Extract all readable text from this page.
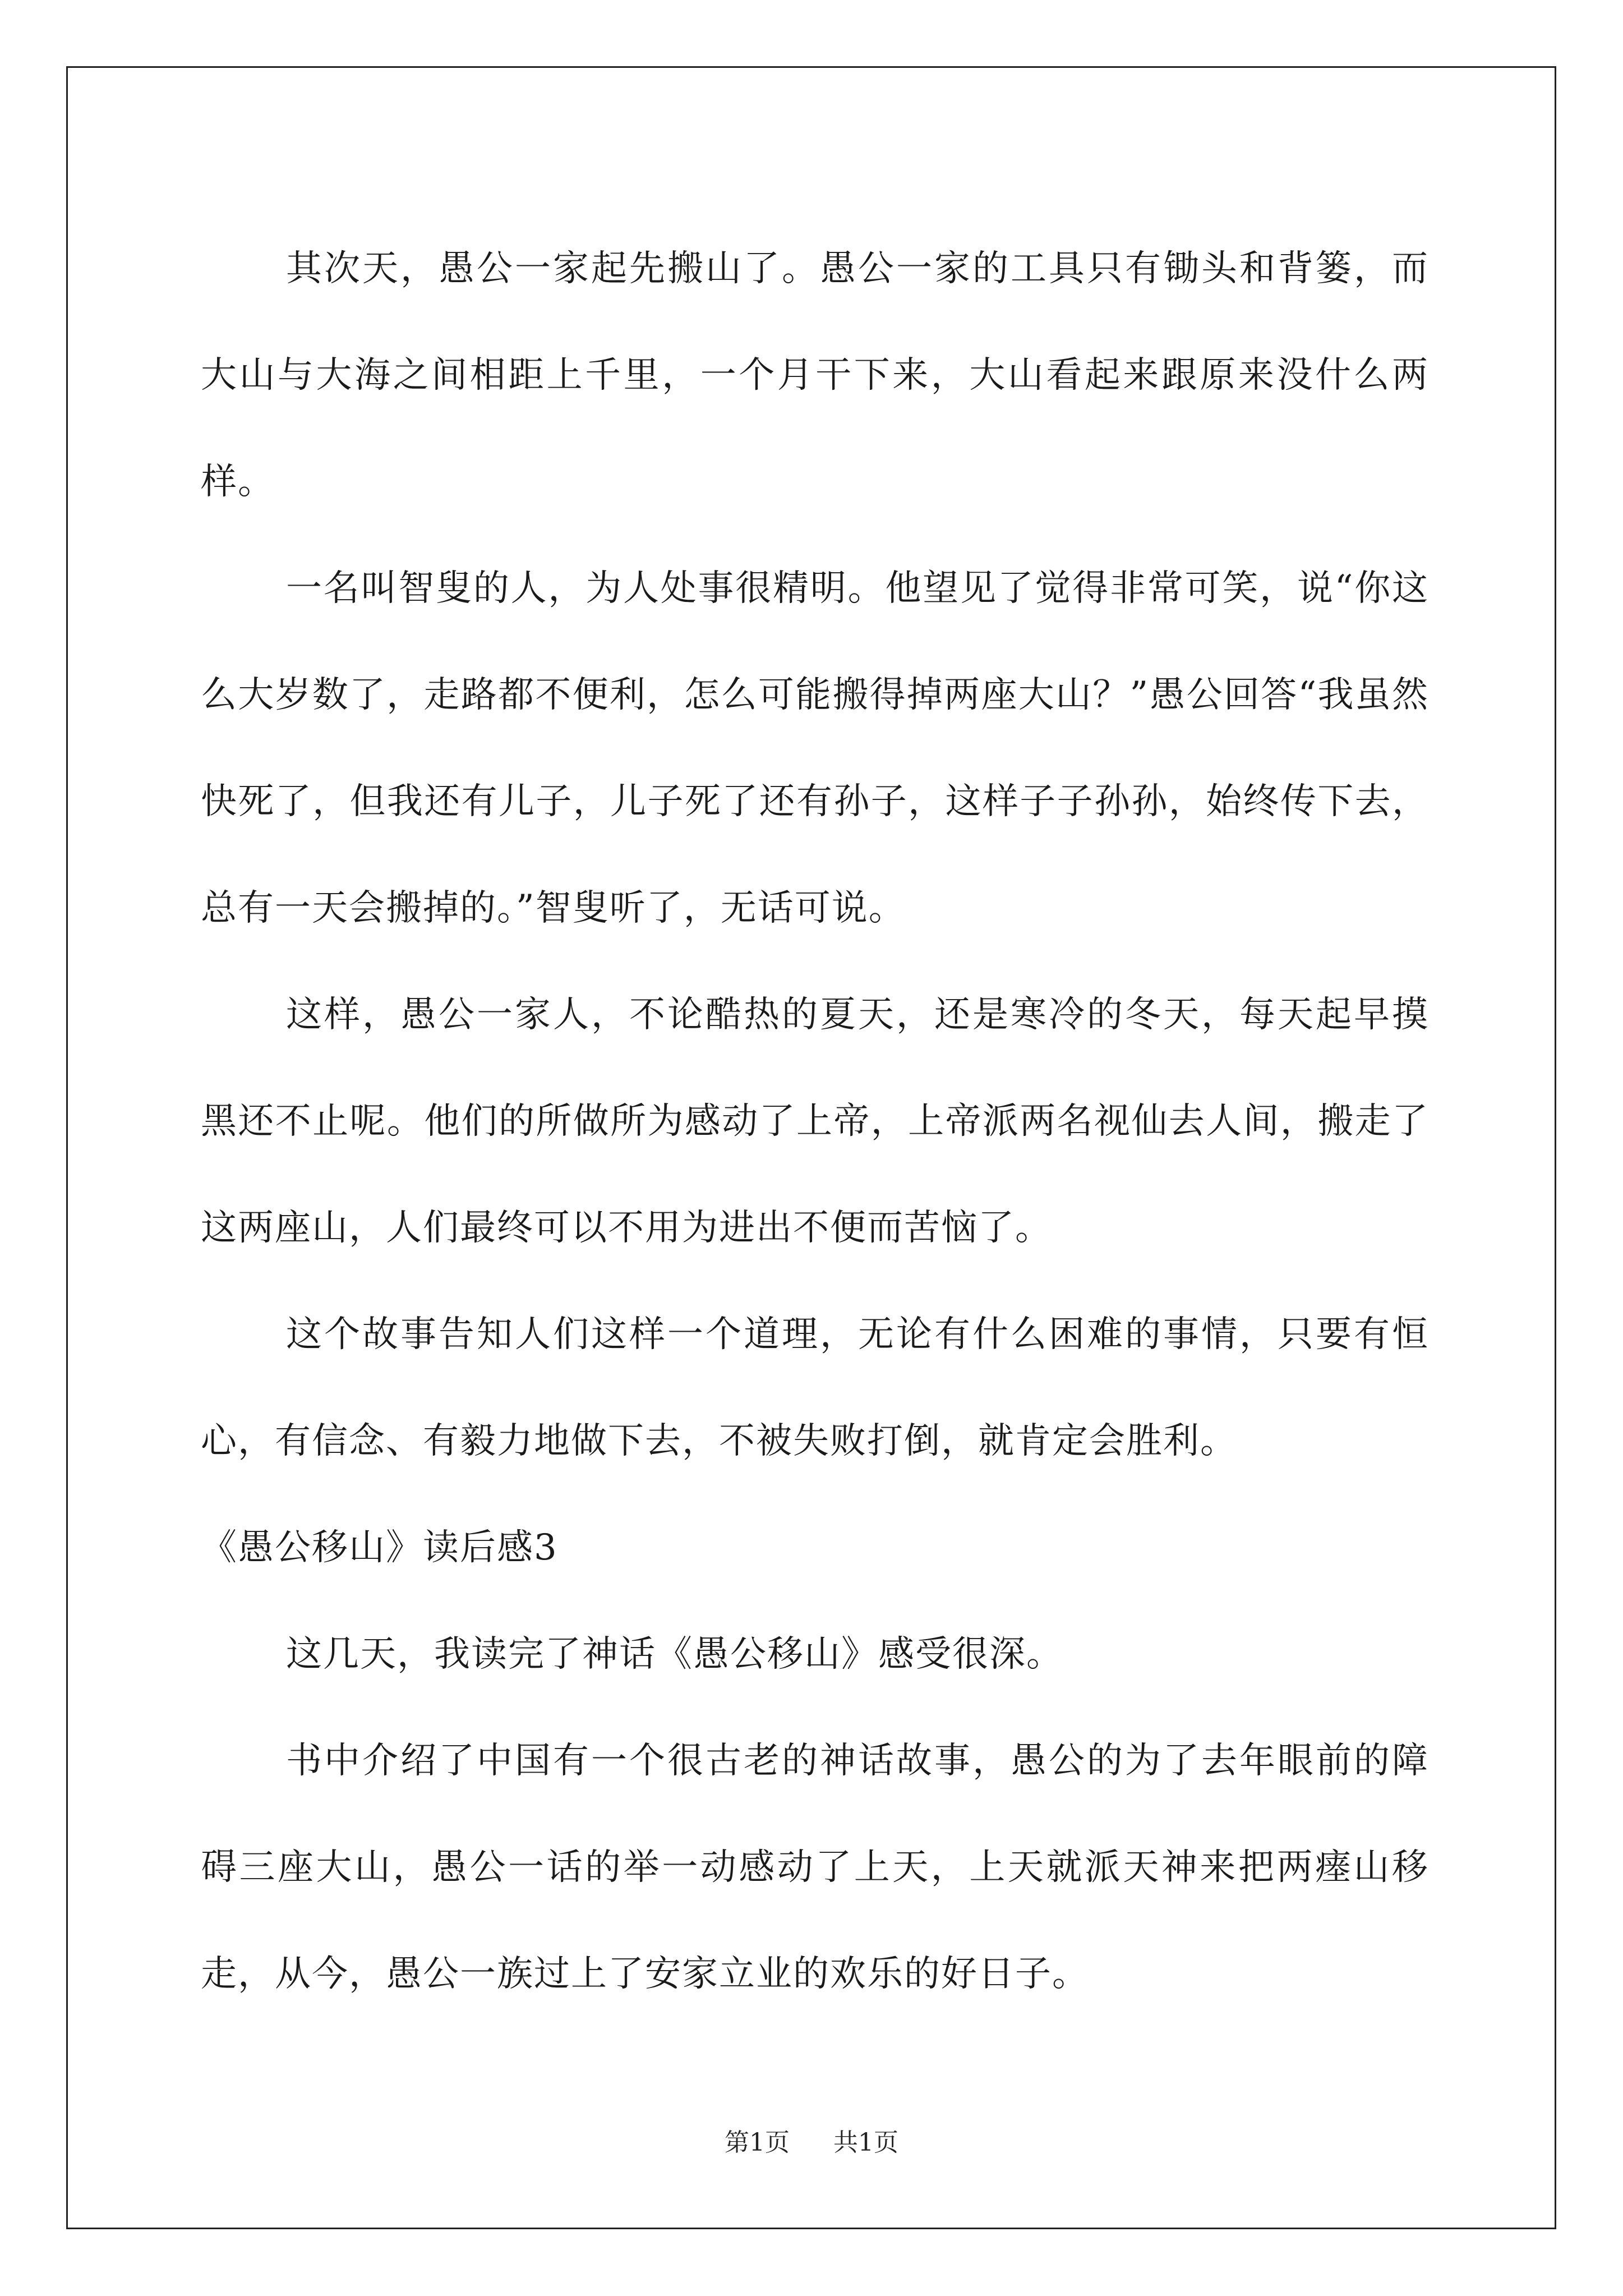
其次天，愚公一家起先搬山了。愚公一家的工具只有锄头和背篓，而大山与大海之间相距上千里，一个月干下来，大山看起来跟原来没什么两样。

一名叫智叟的人，为人处事很精明。他望见了觉得非常可笑，说“你这么大岁数了，走路都不便利，怎么可能搬得掉两座大山？”愚公回答“我虽然快死了，但我还有儿子，儿子死了还有孙子，这样子子孙孙，始终传下去，总有一天会搬掉的。”智叟听了，无话可说。

这样，愚公一家人，不论酷热的夏天，还是寒冷的冬天，每天起早摸黑还不止呢。他们的所做所为感动了上帝，上帝派两名视仙去人间，搬走了这两座山，人们最终可以不用为进出不便而苦恼了。

这个故事告知人们这样一个道理，无论有什么困难的事情，只要有恒心，有信念、有毅力地做下去，不被失败打倒，就肯定会胜利。

《愚公移山》读后感3

这几天，我读完了神话《愚公移山》感受很深。

书中介绍了中国有一个很古老的神话故事，愚公的为了去年眼前的障碍三座大山，愚公一话的举一动感动了上天，上天就派天神来把两瘗山移走，从今，愚公一族过上了安家立业的欢乐的好日子。

第1页 共1页
